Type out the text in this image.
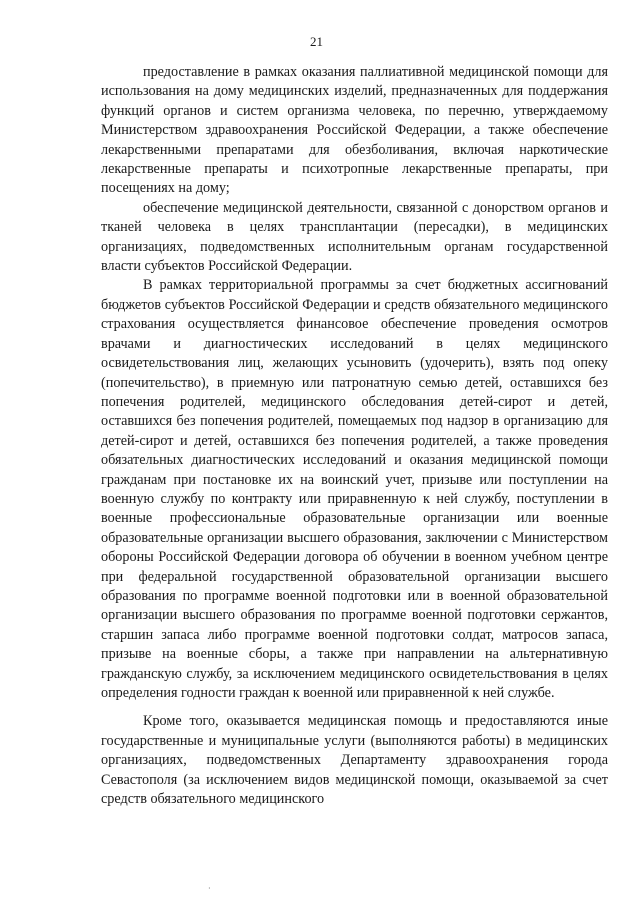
21

предоставление в рамках оказания паллиативной медицинской помощи для использования на дому медицинских изделий, предназначенных для поддержания функций органов и систем организма человека, по перечню, утверждаемому Министерством здравоохранения Российской Федерации, а также обеспечение лекарственными препаратами для обезболивания, включая наркотические лекарственные препараты и психотропные лекарственные препараты, при посещениях на дому;

обеспечение медицинской деятельности, связанной с донорством органов и тканей человека в целях трансплантации (пересадки), в медицинских организациях, подведомственных исполнительным органам государственной власти субъектов Российской Федерации.

В рамках территориальной программы за счет бюджетных ассигнований бюджетов субъектов Российской Федерации и средств обязательного медицинского страхования осуществляется финансовое обеспечение проведения осмотров врачами и диагностических исследований в целях медицинского освидетельствования лиц, желающих усыновить (удочерить), взять под опеку (попечительство), в приемную или патронатную семью детей, оставшихся без попечения родителей, медицинского обследования детей-сирот и детей, оставшихся без попечения родителей, помещаемых под надзор в организацию для детей-сирот и детей, оставшихся без попечения родителей, а также проведения обязательных диагностических исследований и оказания медицинской помощи гражданам при постановке их на воинский учет, призыве или поступлении на военную службу по контракту или приравненную к ней службу, поступлении в военные профессиональные образовательные организации или военные образовательные организации высшего образования, заключении с Министерством обороны Российской Федерации договора об обучении в военном учебном центре при федеральной государственной образовательной организации высшего образования по программе военной подготовки или в военной образовательной организации высшего образования по программе военной подготовки сержантов, старшин запаса либо программе военной подготовки солдат, матросов запаса, призыве на военные сборы, а также при направлении на альтернативную гражданскую службу, за исключением медицинского освидетельствования в целях определения годности граждан к военной или приравненной к ней службе.

Кроме того, оказывается медицинская помощь и предоставляются иные государственные и муниципальные услуги (выполняются работы) в медицинских организациях, подведомственных Департаменту здравоохранения города Севастополя (за исключением видов медицинской помощи, оказываемой за счет средств обязательного медицинского

·
